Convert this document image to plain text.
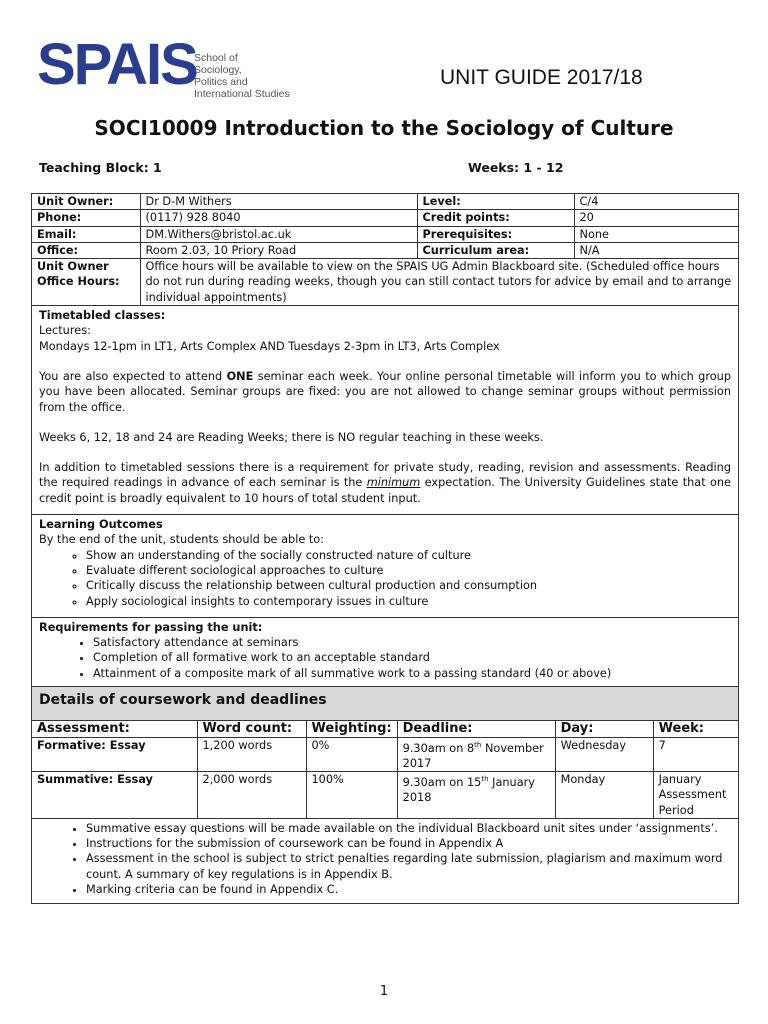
SPAIS
School of
Sociology,
Politics and
International Studies
UNIT GUIDE 2017/18
SOCI10009 Introduction to the Sociology of Culture
Teaching Block: 1	Weeks: 1 - 12
Unit Owner:	Dr D-M Withers	Level:	C/4
Phone:	(0117) 928 8040	Credit points:	20
Email:	DM.Withers@bristol.ac.uk	Prerequisites:	None
Office:	Room 2.03, 10 Priory Road	Curriculum area:	N/A

Unit Owner
Office Hours:	Office hours will be available to view on the SPAIS UG Admin Blackboard site. (Scheduled office hours do not run during reading weeks, though you can still contact tutors for advice by email and to arrange individual appointments)		
Timetabled classes:
Lectures:

Mondays 12-1pm in LT1, Arts Complex AND Tuesdays 2-3pm in LT3, Arts Complex

You are also expected to attend ONE seminar each week. Your online personal timetable will inform you to which group you have been allocated. Seminar groups are fixed: you are not allowed to change seminar groups without permission from the office.

Weeks 6, 12, 18 and 24 are Reading Weeks; there is NO regular teaching in these weeks.

In addition to timetabled sessions there is a requirement for private study, reading, revision and assessments. Reading the required readings in advance of each seminar is the minimum expectation. The University Guidelines state that one credit point is broadly equivalent to 10 hours of total student input.

Learning Outcomes
By the end of the unit, students should be able to:
◦ Show an understanding of the socially constructed nature of culture
◦ Evaluate different sociological approaches to culture
◦ Critically discuss the relationship between cultural production and consumption
◦ Apply sociological insights to contemporary issues in culture
Requirements for passing the unit:
• Satisfactory attendance at seminars
• Completion of all formative work to an acceptable standard
• Attainment of a composite mark of all summative work to a passing standard (40 or above)
Details of coursework and deadlines
Assessment:	Word count:	Weighting:	Deadline:	Day:	Week:
Formative: Essay	1,200 words	0%	9.30am on 8th November 2017	Wednesday	7
Summative: Essay	2,000 words	100%	9.30am on 15th January 2018	Monday	January Assessment Period
• Summative essay questions will be made available on the individual Blackboard unit sites under ‘assignments’.
• Instructions for the submission of coursework can be found in Appendix A
• Assessment in the school is subject to strict penalties regarding late submission, plagiarism and maximum word count. A summary of key regulations is in Appendix B.
• Marking criteria can be found in Appendix C.
1
